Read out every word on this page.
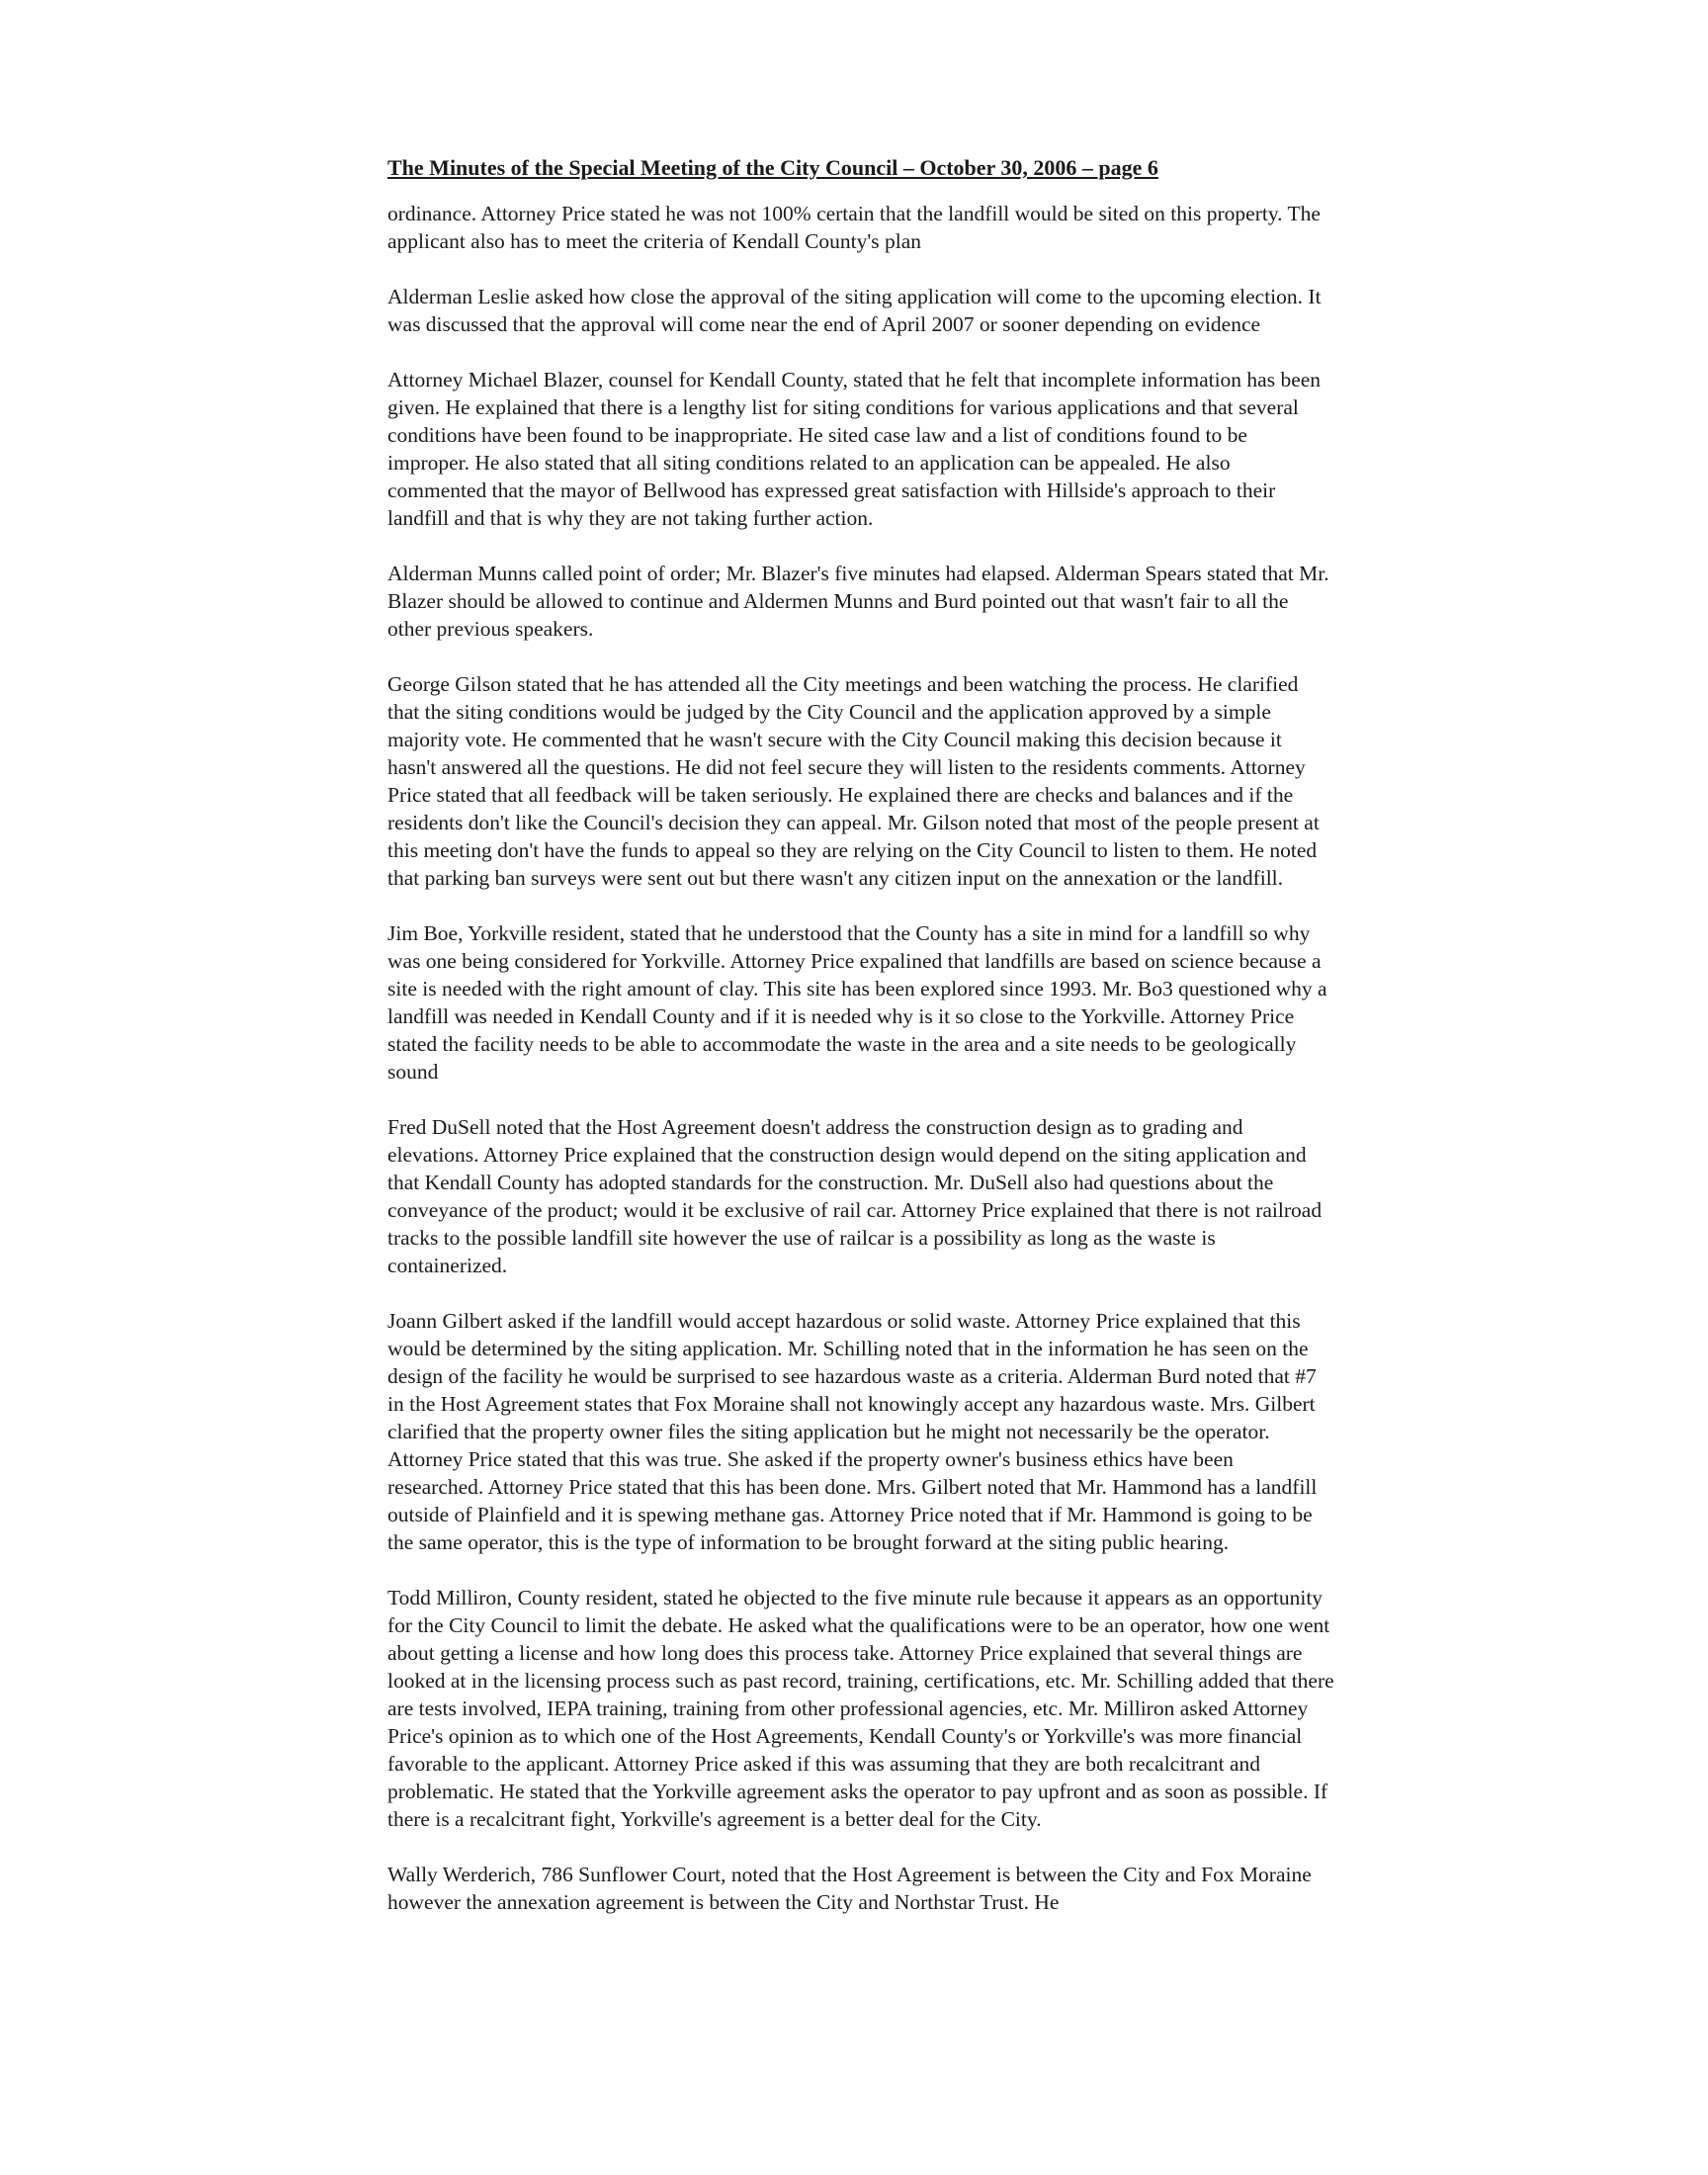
The Minutes of the Special Meeting of the City Council – October 30, 2006 – page 6

ordinance. Attorney Price stated he was not 100% certain that the landfill would be sited on this property. The applicant also has to meet the criteria of Kendall County's plan

Alderman Leslie asked how close the approval of the siting application will come to the upcoming election. It was discussed that the approval will come near the end of April 2007 or sooner depending on evidence

Attorney Michael Blazer, counsel for Kendall County, stated that he felt that incomplete information has been given. He explained that there is a lengthy list for siting conditions for various applications and that several conditions have been found to be inappropriate. He sited case law and a list of conditions found to be improper. He also stated that all siting conditions related to an application can be appealed. He also commented that the mayor of Bellwood has expressed great satisfaction with Hillside's approach to their landfill and that is why they are not taking further action.

Alderman Munns called point of order; Mr. Blazer's five minutes had elapsed. Alderman Spears stated that Mr. Blazer should be allowed to continue and Aldermen Munns and Burd pointed out that wasn't fair to all the other previous speakers.

George Gilson stated that he has attended all the City meetings and been watching the process. He clarified that the siting conditions would be judged by the City Council and the application approved by a simple majority vote. He commented that he wasn't secure with the City Council making this decision because it hasn't answered all the questions. He did not feel secure they will listen to the residents comments. Attorney Price stated that all feedback will be taken seriously. He explained there are checks and balances and if the residents don't like the Council's decision they can appeal. Mr. Gilson noted that most of the people present at this meeting don't have the funds to appeal so they are relying on the City Council to listen to them. He noted that parking ban surveys were sent out but there wasn't any citizen input on the annexation or the landfill.

Jim Boe, Yorkville resident, stated that he understood that the County has a site in mind for a landfill so why was one being considered for Yorkville. Attorney Price expalined that landfills are based on science because a site is needed with the right amount of clay. This site has been explored since 1993. Mr. Bo3 questioned why a landfill was needed in Kendall County and if it is needed why is it so close to the Yorkville. Attorney Price stated the facility needs to be able to accommodate the waste in the area and a site needs to be geologically sound

Fred DuSell noted that the Host Agreement doesn't address the construction design as to grading and elevations. Attorney Price explained that the construction design would depend on the siting application and that Kendall County has adopted standards for the construction. Mr. DuSell also had questions about the conveyance of the product; would it be exclusive of rail car. Attorney Price explained that there is not railroad tracks to the possible landfill site however the use of railcar is a possibility as long as the waste is containerized.

Joann Gilbert asked if the landfill would accept hazardous or solid waste. Attorney Price explained that this would be determined by the siting application. Mr. Schilling noted that in the information he has seen on the design of the facility he would be surprised to see hazardous waste as a criteria. Alderman Burd noted that #7 in the Host Agreement states that Fox Moraine shall not knowingly accept any hazardous waste. Mrs. Gilbert clarified that the property owner files the siting application but he might not necessarily be the operator. Attorney Price stated that this was true. She asked if the property owner's business ethics have been researched. Attorney Price stated that this has been done. Mrs. Gilbert noted that Mr. Hammond has a landfill outside of Plainfield and it is spewing methane gas. Attorney Price noted that if Mr. Hammond is going to be the same operator, this is the type of information to be brought forward at the siting public hearing.

Todd Milliron, County resident, stated he objected to the five minute rule because it appears as an opportunity for the City Council to limit the debate. He asked what the qualifications were to be an operator, how one went about getting a license and how long does this process take. Attorney Price explained that several things are looked at in the licensing process such as past record, training, certifications, etc. Mr. Schilling added that there are tests involved, IEPA training, training from other professional agencies, etc. Mr. Milliron asked Attorney Price's opinion as to which one of the Host Agreements, Kendall County's or Yorkville's was more financial favorable to the applicant. Attorney Price asked if this was assuming that they are both recalcitrant and problematic. He stated that the Yorkville agreement asks the operator to pay upfront and as soon as possible. If there is a recalcitrant fight, Yorkville's agreement is a better deal for the City.

Wally Werderich, 786 Sunflower Court, noted that the Host Agreement is between the City and Fox Moraine however the annexation agreement is between the City and Northstar Trust. He
